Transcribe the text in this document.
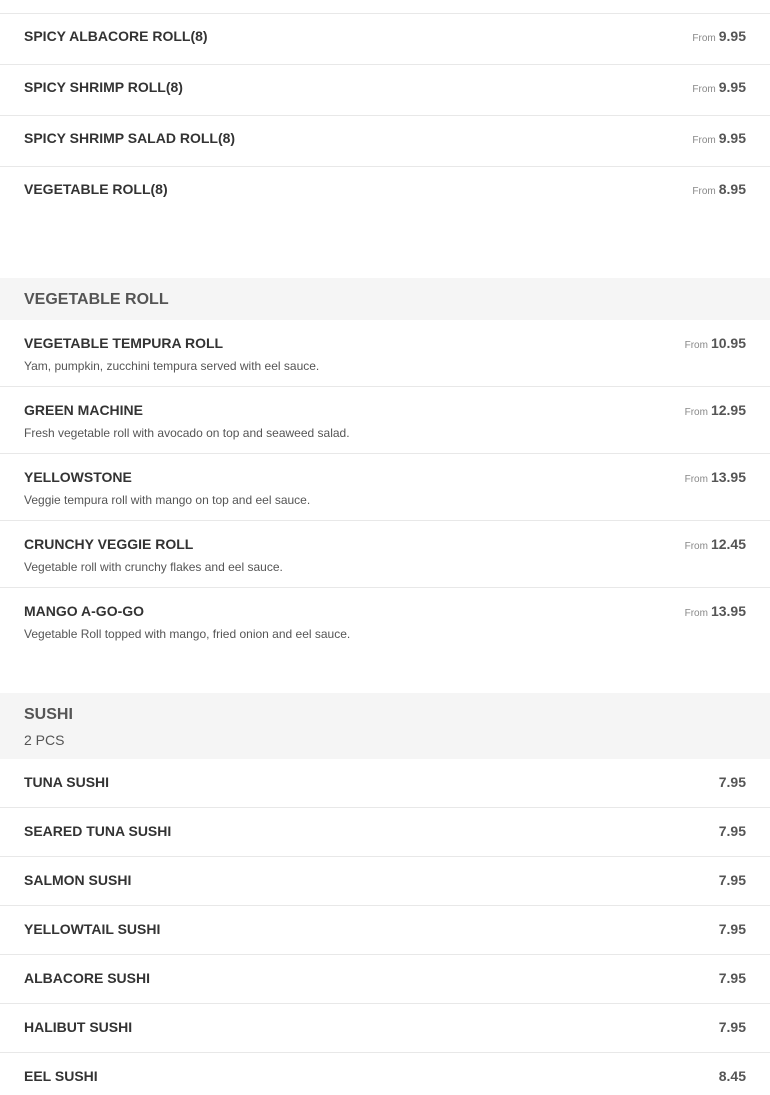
SPICY ALBACORE ROLL(8)	From 9.95
SPICY SHRIMP ROLL(8)	From 9.95
SPICY SHRIMP SALAD ROLL(8)	From 9.95
VEGETABLE ROLL(8)	From 8.95
VEGETABLE ROLL
VEGETABLE TEMPURA ROLL	From 10.95
Yam, pumpkin, zucchini tempura served with eel sauce.
GREEN MACHINE	From 12.95
Fresh vegetable roll with avocado on top and seaweed salad.
YELLOWSTONE	From 13.95
Veggie tempura roll with mango on top and eel sauce.
CRUNCHY VEGGIE ROLL	From 12.45
Vegetable roll with crunchy flakes and eel sauce.
MANGO A-GO-GO	From 13.95
Vegetable Roll topped with mango, fried onion and eel sauce.
SUSHI
2 PCS
TUNA SUSHI	7.95
SEARED TUNA SUSHI	7.95
SALMON SUSHI	7.95
YELLOWTAIL SUSHI	7.95
ALBACORE SUSHI	7.95
HALIBUT SUSHI	7.95
EEL SUSHI	8.45
